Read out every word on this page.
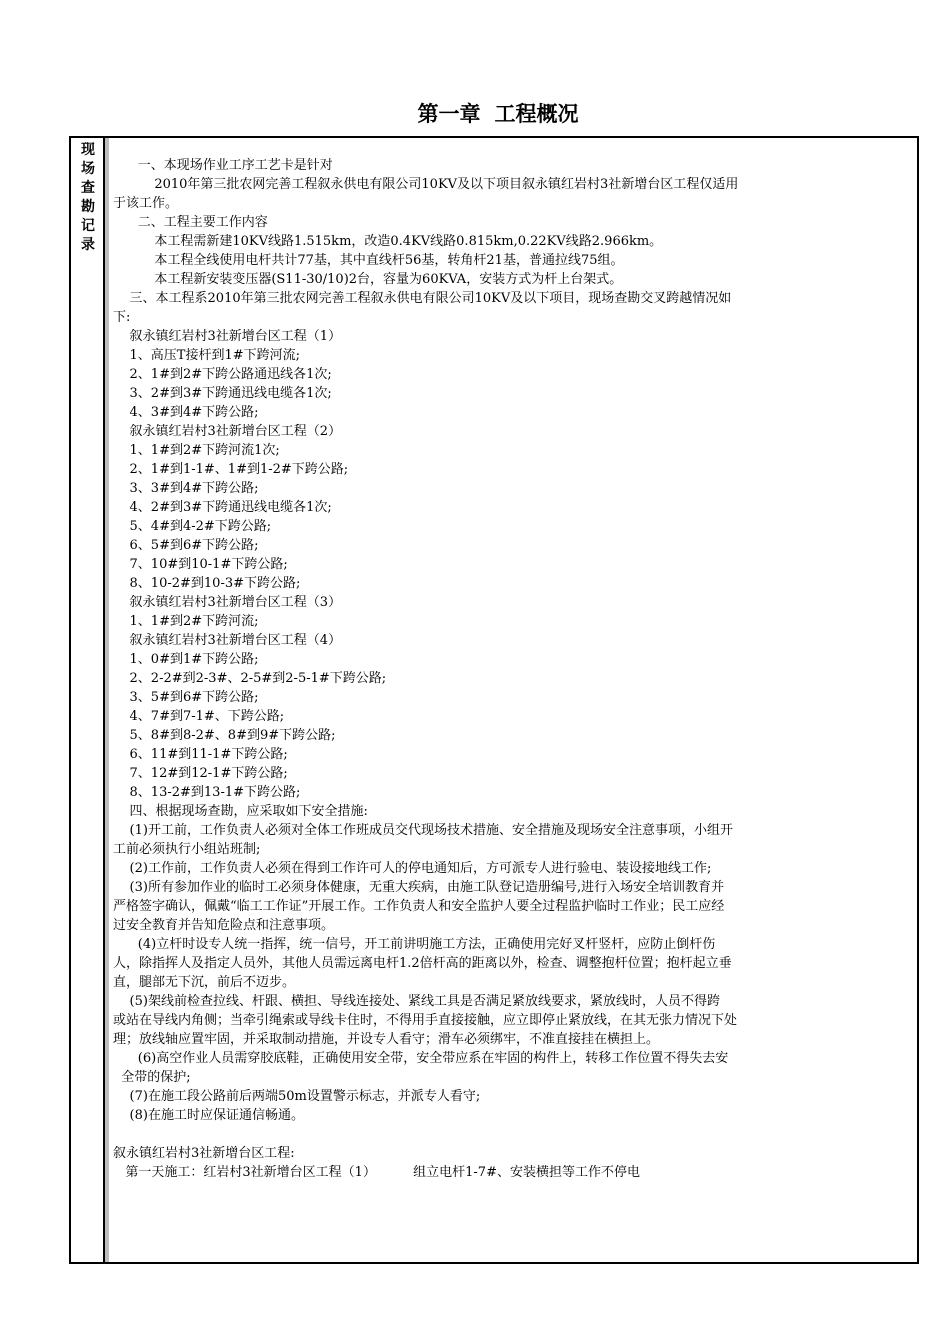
第一章 工程概况
现
场
查
勘
记
录

一、本现场作业工序工艺卡是针对

2010年第三批农网完善工程叙永供电有限公司10KV及以下项目叙永镇红岩村3社新增台区工程仅适用

于该工作。

二、工程主要工作内容

本工程需新建10KV线路1.515km，改造0.4KV线路0.815km,0.22KV线路2.966km。

本工程全线使用电杆共计77基，其中直线杆56基，转角杆21基，普通拉线75组。

本工程新安装变压器(S11-30/10)2台，容量为60KVA，安装方式为杆上台架式。

三、本工程系2010年第三批农网完善工程叙永供电有限公司10KV及以下项目，现场查勘交叉跨越情况如

下:

叙永镇红岩村3社新增台区工程（1）

1、高压T接杆到1#下跨河流;

2、1#到2#下跨公路通迅线各1次;

3、2#到3#下跨通迅线电缆各1次;

4、3#到4#下跨公路;

叙永镇红岩村3社新增台区工程（2）

1、1#到2#下跨河流1次;

2、1#到1-1#、1#到1-2#下跨公路;

3、3#到4#下跨公路;

4、2#到3#下跨通迅线电缆各1次;

5、4#到4-2#下跨公路;

6、5#到6#下跨公路;

7、10#到10-1#下跨公路;

8、10-2#到10-3#下跨公路;

叙永镇红岩村3社新增台区工程（3）

1、1#到2#下跨河流;

叙永镇红岩村3社新增台区工程（4）

1、0#到1#下跨公路;

2、2-2#到2-3#、2-5#到2-5-1#下跨公路;

3、5#到6#下跨公路;

4、7#到7-1#、下跨公路;

5、8#到8-2#、8#到9#下跨公路;

6、11#到11-1#下跨公路;

7、12#到12-1#下跨公路;

8、13-2#到13-1#下跨公路;

四、根据现场查勘，应采取如下安全措施:

(1)开工前，工作负责人必须对全体工作班成员交代现场技术措施、安全措施及现场安全注意事项，小组开

工前必须执行小组站班制;

(2)工作前，工作负责人必须在得到工作许可人的停电通知后，方可派专人进行验电、装设接地线工作;

(3)所有参加作业的临时工必须身体健康，无重大疾病，由施工队登记造册编号,进行入场安全培训教育并

严格签字确认，佩戴“临工工作证”开展工作。工作负责人和安全监护人要全过程监护临时工作业；民工应经

过安全教育并告知危险点和注意事项。

(4)立杆时设专人统一指挥，统一信号，开工前讲明施工方法，正确使用完好叉杆竖杆，应防止倒杆伤

人，除指挥人及指定人员外，其他人员需远离电杆1.2倍杆高的距离以外，检查、调整抱杆位置；抱杆起立垂

直，腿部无下沉，前后不迈步。

(5)架线前检查拉线、杆跟、横担、导线连接处、紧线工具是否满足紧放线要求，紧放线时，人员不得跨

或站在导线内角侧；当牵引绳索或导线卡住时，不得用手直接接触，应立即停止紧放线，在其无张力情况下处

理；放线轴应置牢固，并采取制动措施，并设专人看守；滑车必须绑牢，不准直接挂在横担上。

(6)高空作业人员需穿胶底鞋，正确使用安全带，安全带应系在牢固的构件上，转移工作位置不得失去安

全带的保护;

(7)在施工段公路前后两端50m设置警示标志，并派专人看守;

(8)在施工时应保证通信畅通。

叙永镇红岩村3社新增台区工程:

第一天施工：红岩村3社新增台区工程（1）         组立电杆1-7#、安装横担等工作不停电
